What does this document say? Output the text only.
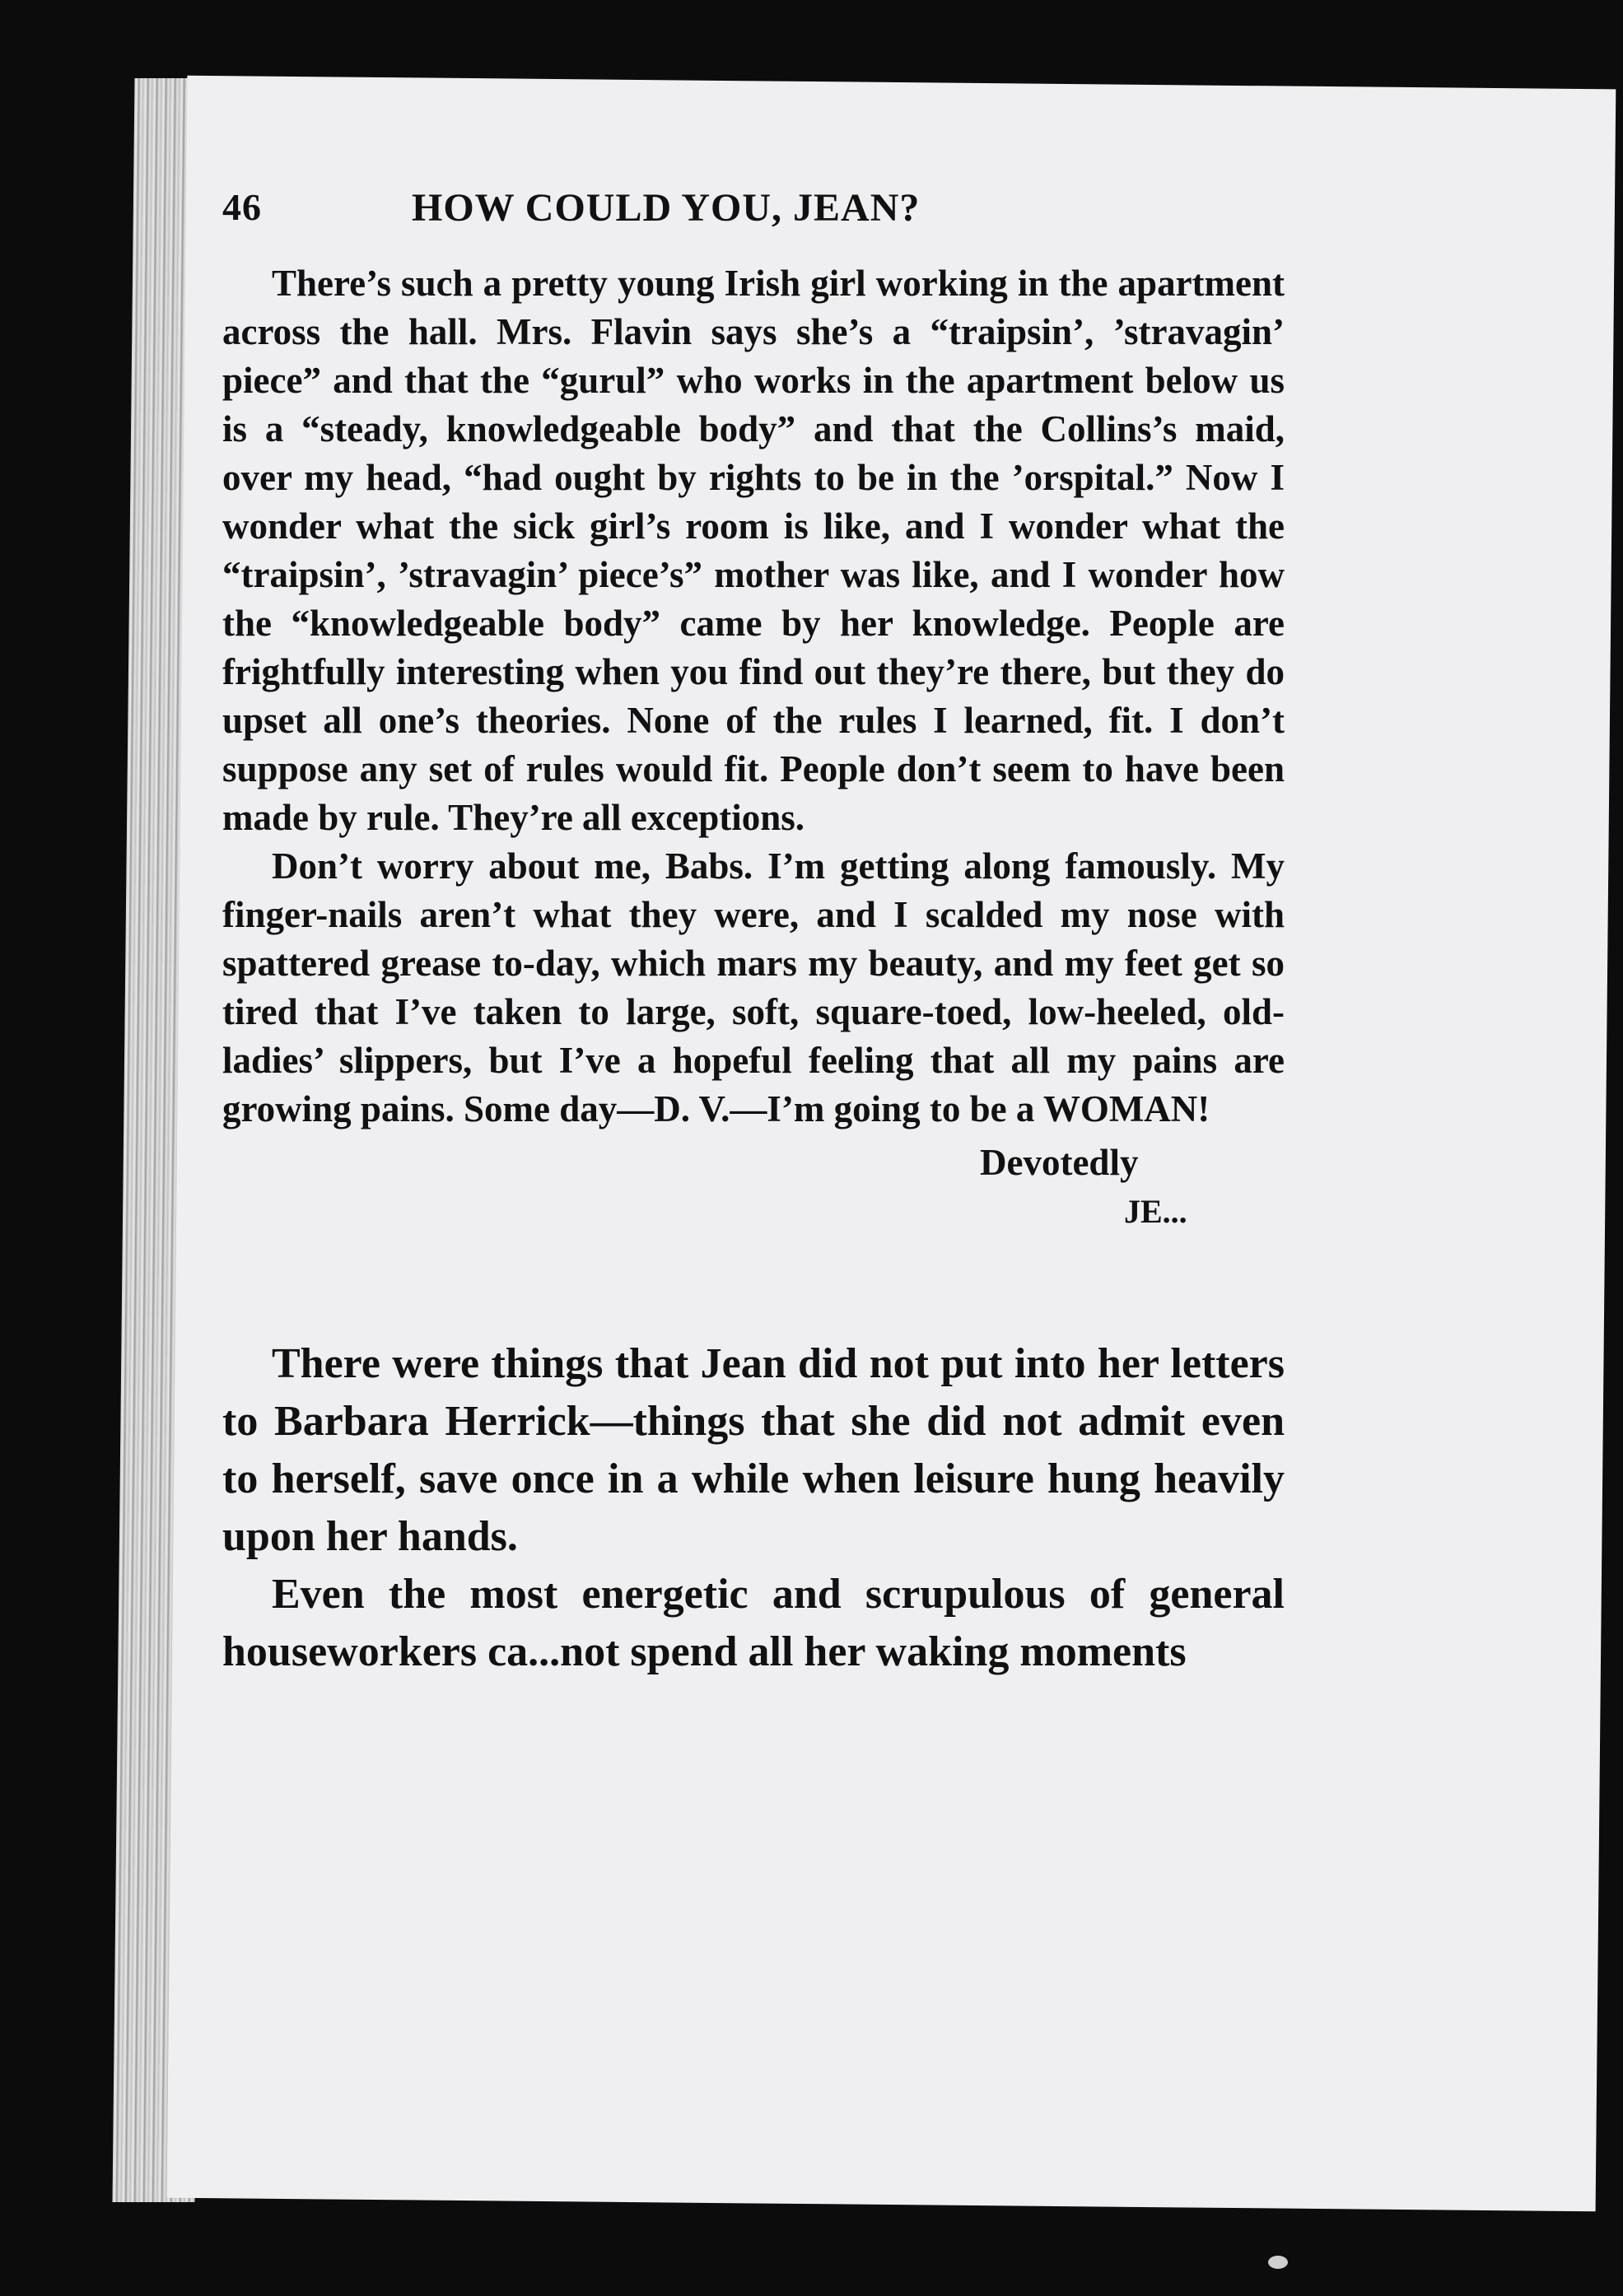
46	HOW COULD YOU, JEAN?

There’s such a pretty young Irish girl working in the apartment across the hall. Mrs. Flavin says she’s a “traipsin’, ’stravagin’ piece” and that the “gurul” who works in the apartment below us is a “steady, knowledgeable body” and that the Collins’s maid, over my head, “had ought by rights to be in the ’orspital.” Now I wonder what the sick girl’s room is like, and I wonder what the “traipsin’, ’stravagin’ piece’s” mother was like, and I wonder how the “knowledgeable body” came by her knowledge. People are frightfully interesting when you find out they’re there, but they do upset all one’s theories. None of the rules I learned, fit. I don’t suppose any set of rules would fit. People don’t seem to have been made by rule. They’re all exceptions.

Don’t worry about me, Babs. I’m getting along famously. My finger-nails aren’t what they were, and I scalded my nose with spattered grease to-day, which mars my beauty, and my feet get so tired that I’ve taken to large, soft, square-toed, low-heeled, old-ladies’ slippers, but I’ve a hopeful feeling that all my pains are growing pains. Some day—D. V.—I’m going to be a WOMAN!

Devotedly
JE...

There were things that Jean did not put into her letters to Barbara Herrick—things that she did not admit even to herself, save once in a while when leisure hung heavily upon her hands.

Even the most energetic and scrupulous of general houseworkers ca...not spend all her waking moments
